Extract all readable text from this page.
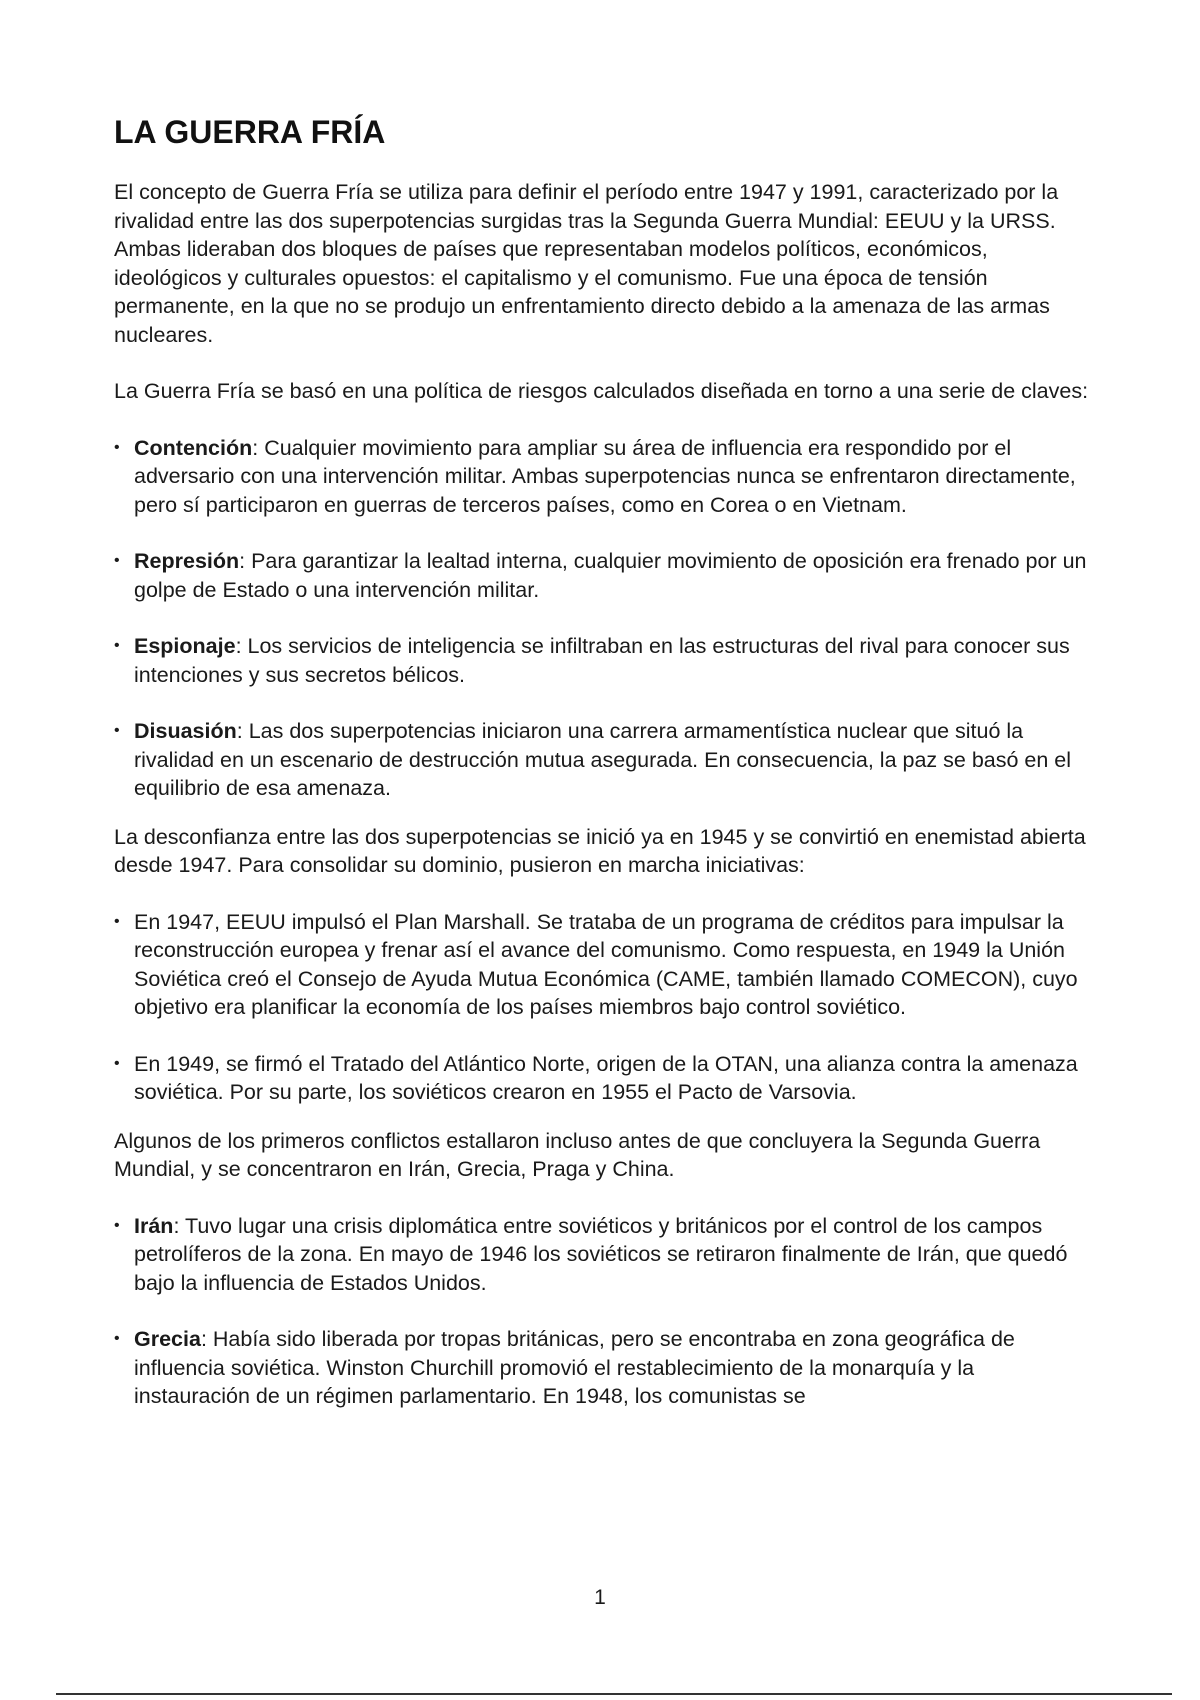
LA GUERRA FRÍA

El concepto de Guerra Fría se utiliza para definir el período entre 1947 y 1991, caracterizado por la rivalidad entre las dos superpotencias surgidas tras la Segunda Guerra Mundial: EEUU y la URSS. Ambas lideraban dos bloques de países que representaban modelos políticos, económicos, ideológicos y culturales opuestos: el capitalismo y el comunismo. Fue una época de tensión permanente, en la que no se produjo un enfrentamiento directo debido a la amenaza de las armas nucleares.

La Guerra Fría se basó en una política de riesgos calculados diseñada en torno a una serie de claves:

• Contención: Cualquier movimiento para ampliar su área de influencia era respondido por el adversario con una intervención militar. Ambas superpotencias nunca se enfrentaron directamente, pero sí participaron en guerras de terceros países, como en Corea o en Vietnam.
• Represión: Para garantizar la lealtad interna, cualquier movimiento de oposición era frenado por un golpe de Estado o una intervención militar.
• Espionaje: Los servicios de inteligencia se infiltraban en las estructuras del rival para conocer sus intenciones y sus secretos bélicos.
• Disuasión: Las dos superpotencias iniciaron una carrera armamentística nuclear que situó la rivalidad en un escenario de destrucción mutua asegurada. En consecuencia, la paz se basó en el equilibrio de esa amenaza.

La desconfianza entre las dos superpotencias se inició ya en 1945 y se convirtió en enemistad abierta desde 1947. Para consolidar su dominio, pusieron en marcha iniciativas:

• En 1947, EEUU impulsó el Plan Marshall. Se trataba de un programa de créditos para impulsar la reconstrucción europea y frenar así el avance del comunismo. Como respuesta, en 1949 la Unión Soviética creó el Consejo de Ayuda Mutua Económica (CAME, también llamado COMECON), cuyo objetivo era planificar la economía de los países miembros bajo control soviético.
• En 1949, se firmó el Tratado del Atlántico Norte, origen de la OTAN, una alianza contra la amenaza soviética. Por su parte, los soviéticos crearon en 1955 el Pacto de Varsovia.

Algunos de los primeros conflictos estallaron incluso antes de que concluyera la Segunda Guerra Mundial, y se concentraron en Irán, Grecia, Praga y China.

• Irán: Tuvo lugar una crisis diplomática entre soviéticos y británicos por el control de los campos petrolíferos de la zona. En mayo de 1946 los soviéticos se retiraron finalmente de Irán, que quedó bajo la influencia de Estados Unidos.
• Grecia: Había sido liberada por tropas británicas, pero se encontraba en zona geográfica de influencia soviética. Winston Churchill promovió el restablecimiento de la monarquía y la instauración de un régimen parlamentario. En 1948, los comunistas se
1
